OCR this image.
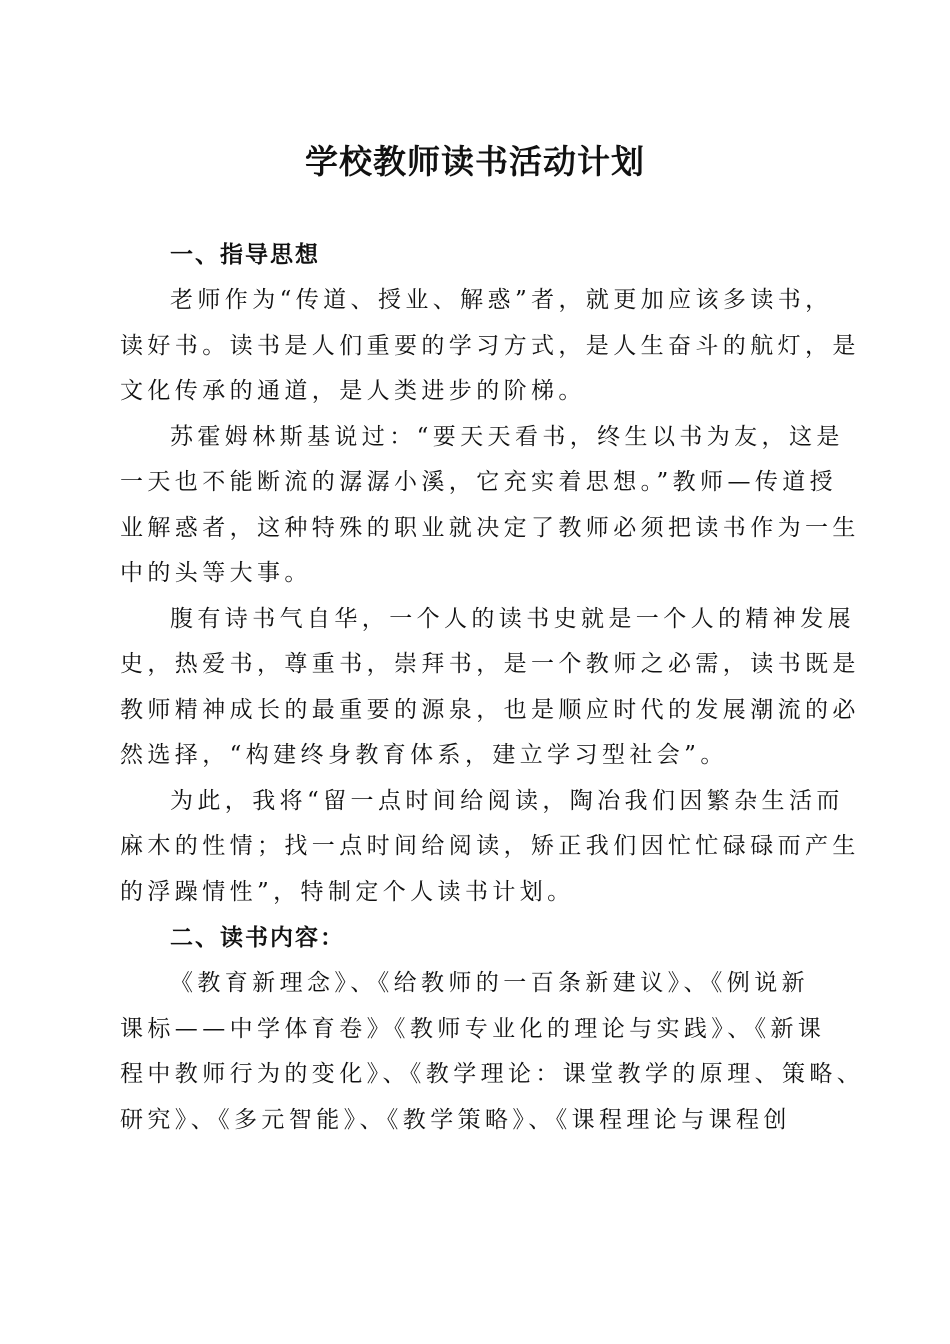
学校教师读书活动计划
一、指导思想

老师作为“传道、授业、解惑”者，就更加应该多读书，
读好书。读书是人们重要的学习方式，是人生奋斗的航灯，是
文化传承的通道，是人类进步的阶梯。

苏霍姆林斯基说过：“要天天看书，终生以书为友，这是
一天也不能断流的潺潺小溪，它充实着思想。”教师—传道授
业解惑者，这种特殊的职业就决定了教师必须把读书作为一生
中的头等大事。

腹有诗书气自华，一个人的读书史就是一个人的精神发展
史，热爱书，尊重书，崇拜书，是一个教师之必需，读书既是
教师精神成长的最重要的源泉，也是顺应时代的发展潮流的必
然选择，“构建终身教育体系，建立学习型社会”。

为此，我将“留一点时间给阅读，陶冶我们因繁杂生活而
麻木的性情；找一点时间给阅读，矫正我们因忙忙碌碌而产生
的浮躁情性”，特制定个人读书计划。

二、读书内容：

《教育新理念》、《给教师的一百条新建议》、《例说新
课标——中学体育卷》《教师专业化的理论与实践》、《新课
程中教师行为的变化》、《教学理论：课堂教学的原理、策略、
研究》、《多元智能》、《教学策略》、《课程理论与课程创
